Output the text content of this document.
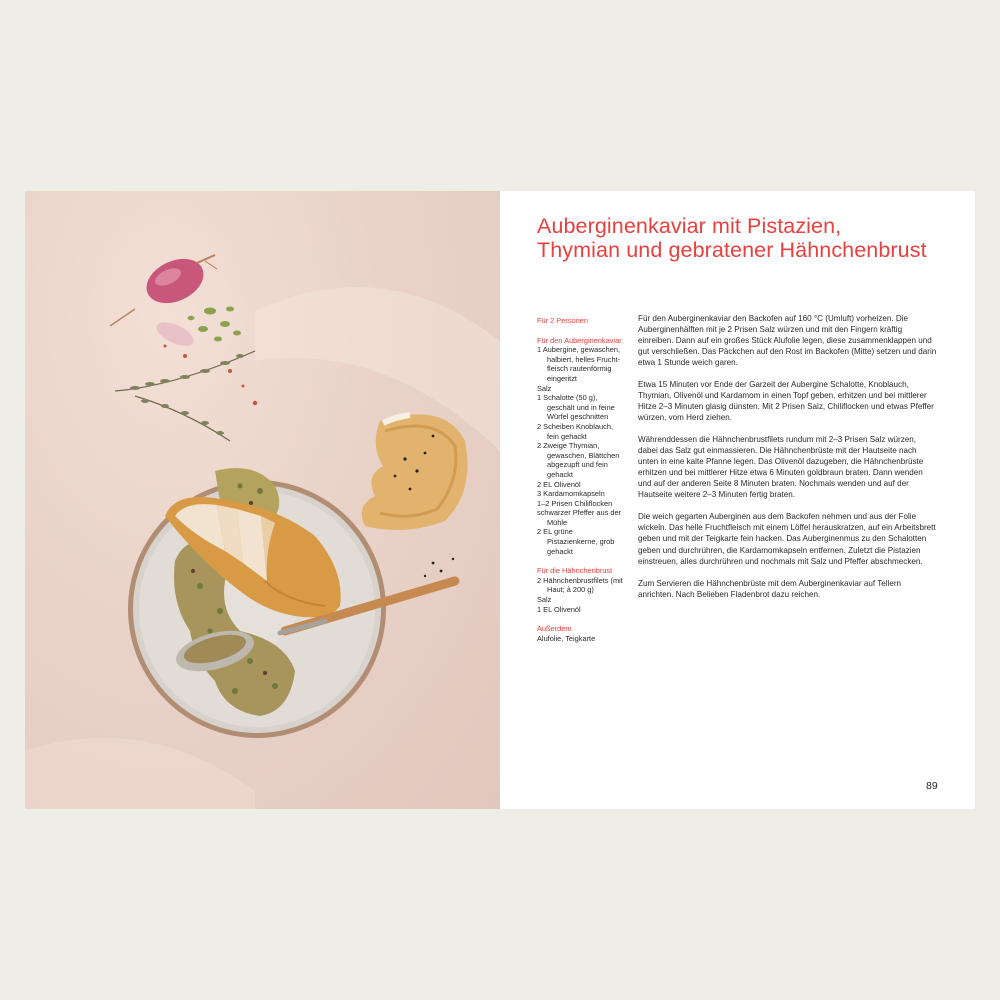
Auberginenkaviar mit Pistazien,
Thymian und gebratener Hähnchenbrust
Für 2 Personen
Für den Auberginenkaviar
1 Aubergine, gewaschen, halbiert, helles Fruchtfleisch rautenförmig eingeritzt
Salz
1 Schalotte (50 g), geschält und in feine Würfel geschnitten
2 Scheiben Knoblauch, fein gehackt
2 Zweige Thymian, gewaschen, Blättchen abgezupft und fein gehackt
2 EL Olivenöl
3 Kardamomkapseln
1–2 Prisen Chiliflocken
schwarzer Pfeffer aus der Mühle
2 EL grüne Pistazienkerne, grob gehackt
Für die Hähnchenbrust
2 Hähnchenbrustfilets (mit Haut; à 200 g)
Salz
1 EL Olivenöl
Außerdem
Alufolie, Teigkarte

Für den Auberginenkaviar den Backofen auf 160 °C (Umluft) vorheizen. Die Auberginenhälften mit je 2 Prisen Salz würzen und mit den Fingern kräftig einreiben. Dann auf ein großes Stück Alufolie legen, diese zusammenklappen und gut verschließen. Das Päckchen auf den Rost im Backofen (Mitte) setzen und darin etwa 1 Stunde weich garen.

Etwa 15 Minuten vor Ende der Garzeit der Aubergine Schalotte, Knoblauch, Thymian, Olivenöl und Kardamom in einen Topf geben, erhitzen und bei mittlerer Hitze 2–3 Minuten glasig dünsten. Mit 2 Prisen Salz, Chiliflocken und etwas Pfeffer würzen, vom Herd ziehen.

Währenddessen die Hähnchenbrustfilets rundum mit 2–3 Prisen Salz würzen, dabei das Salz gut einmassieren. Die Hähnchenbrüste mit der Hautseite nach unten in eine kalte Pfanne legen. Das Olivenöl dazugeben, die Hähnchenbrüste erhitzen und bei mittlerer Hitze etwa 6 Minuten goldbraun braten. Dann wenden und auf der anderen Seite 8 Minuten braten. Nochmals wenden und auf der Hautseite weitere 2–3 Minuten fertig braten.

Die weich gegarten Auberginen aus dem Backofen nehmen und aus der Folie wickeln. Das helle Fruchtfleisch mit einem Löffel herauskratzen, auf ein Arbeitsbrett geben und mit der Teigkarte fein hacken. Das Auberginenmus zu den Schalotten geben und durchrühren, die Kardamomkapseln entfernen. Zuletzt die Pistazien einstreuen, alles durchrühren und nochmals mit Salz und Pfeffer abschmecken.

Zum Servieren die Hähnchenbrüste mit dem Auberginenkaviar auf Tellern anrichten. Nach Belieben Fladenbrot dazu reichen.

89
